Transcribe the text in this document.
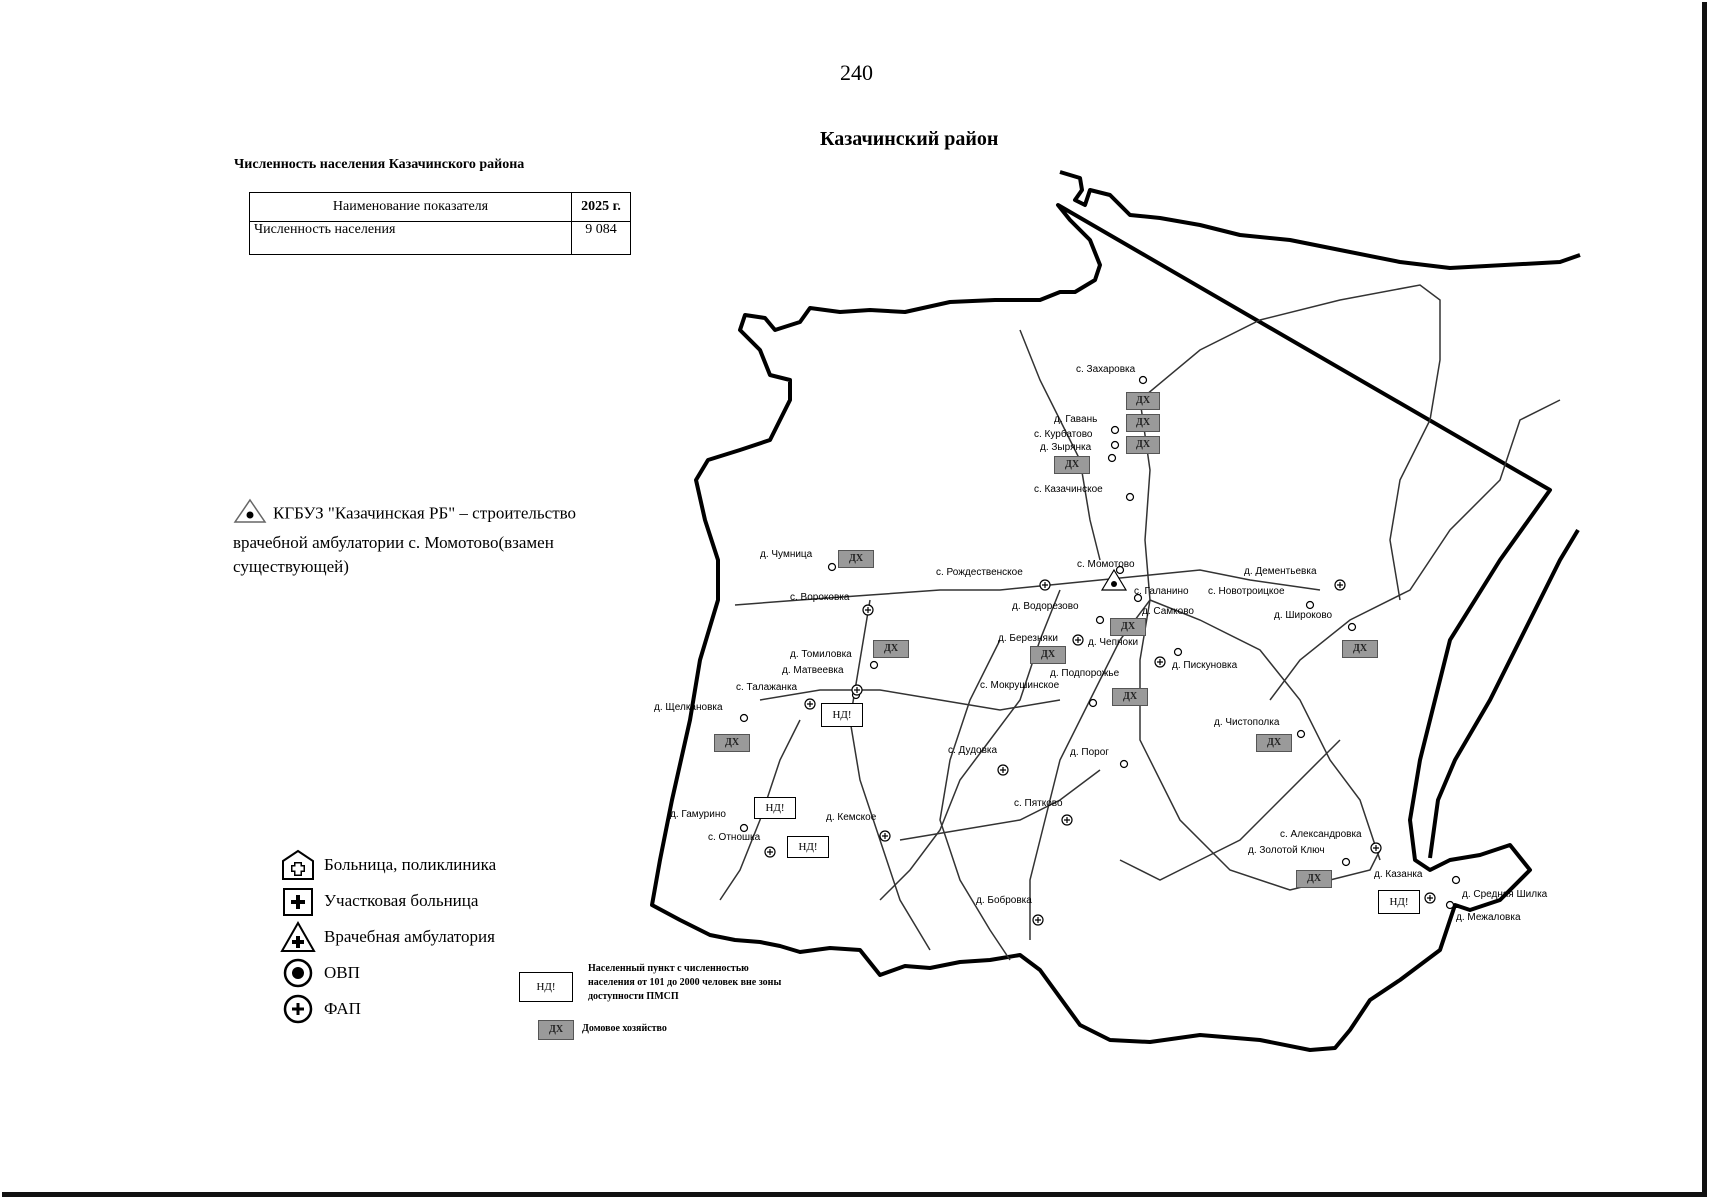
240
Казачинский район
Численность населения Казачинского района
Наименование показателя	2025 г.
Численность населения	9 084
КГБУЗ "Казачинская РБ" – строительство врачебной амбулатории с. Момотово(взамен существующей)
Больница, поликлиника
Участковая больница
Врачебная амбулатория
ОВП
ФАП
НД!
Населенный пункт с численностью населения от 101 до 2000 человек вне зоны доступности ПМСП
ДХ	Домовое хозяйство
с. Захаровка
д. Гавань
с. Курбатово
д. Зырянка
с. Казачинское
д. Чумница
с. Рождественское
с. Момотово
с. Галанино с. Новотроицкое
д. Дементьевка
с. Вороковка
д. Водорезово	д. Самково	д. Широково
д. Березняки	д. Чепноки
д. Томиловка
д. Матвеевка	д. Подпорожье
д. Пискуновка
с. Талажанка	с. Мокрушинское
д. Щелкановка
д. Чистополка
с. Дудовка	д. Порог
с. Пятково
д. Гамурино	д. Кемское
с. Отношка	с. Александровка
д. Золотой Ключ
д. Казанка
д. Средняя Шилка
д. Межаловка
д. Бобровка
НД!
НД!
НД!
НД!
ДХ
ДХ
ДХ
ДХ
ДХ
ДХ
ДХ
ДХ
ДХ
ДХ
ДХ
ДХ
ДХ
